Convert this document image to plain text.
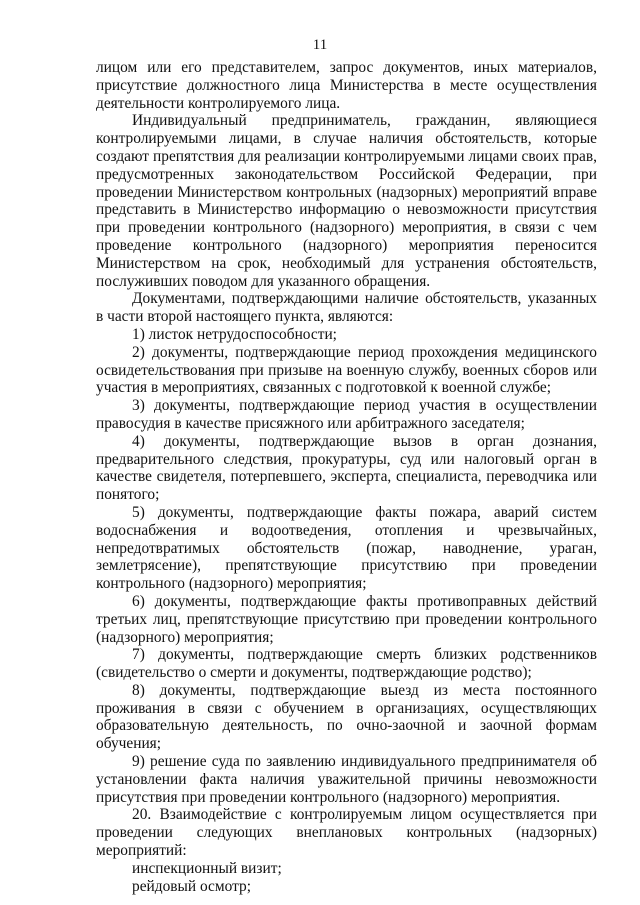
11

лицом или его представителем, запрос документов, иных материалов, присутствие должностного лица Министерства в месте осуществления деятельности контролируемого лица.

Индивидуальный предприниматель, гражданин, являющиеся контролируемыми лицами, в случае наличия обстоятельств, которые создают препятствия для реализации контролируемыми лицами своих прав, предусмотренных законодательством Российской Федерации, при проведении Министерством контрольных (надзорных) мероприятий вправе представить в Министерство информацию о невозможности присутствия при проведении контрольного (надзорного) мероприятия, в связи с чем проведение контрольного (надзорного) мероприятия переносится Министерством на срок, необходимый для устранения обстоятельств, послуживших поводом для указанного обращения.

Документами, подтверждающими наличие обстоятельств, указанных в части второй настоящего пункта, являются:

1) листок нетрудоспособности;

2) документы, подтверждающие период прохождения медицинского освидетельствования при призыве на военную службу, военных сборов или участия в мероприятиях, связанных с подготовкой к военной службе;

3) документы, подтверждающие период участия в осуществлении правосудия в качестве присяжного или арбитражного заседателя;

4) документы, подтверждающие вызов в орган дознания, предварительного следствия, прокуратуры, суд или налоговый орган в качестве свидетеля, потерпевшего, эксперта, специалиста, переводчика или понятого;

5) документы, подтверждающие факты пожара, аварий систем водоснабжения и водоотведения, отопления и чрезвычайных, непредотвратимых обстоятельств (пожар, наводнение, ураган, землетрясение), препятствующие присутствию при проведении контрольного (надзорного) мероприятия;

6) документы, подтверждающие факты противоправных действий третьих лиц, препятствующие присутствию при проведении контрольного (надзорного) мероприятия;

7) документы, подтверждающие смерть близких родственников (свидетельство о смерти и документы, подтверждающие родство);

8) документы, подтверждающие выезд из места постоянного проживания в связи с обучением в организациях, осуществляющих образовательную деятельность, по очно-заочной и заочной формам обучения;

9) решение суда по заявлению индивидуального предпринимателя об установлении факта наличия уважительной причины невозможности присутствия при проведении контрольного (надзорного) мероприятия.

20. Взаимодействие с контролируемым лицом осуществляется при проведении следующих внеплановых контрольных (надзорных) мероприятий:

инспекционный визит;

рейдовый осмотр;
